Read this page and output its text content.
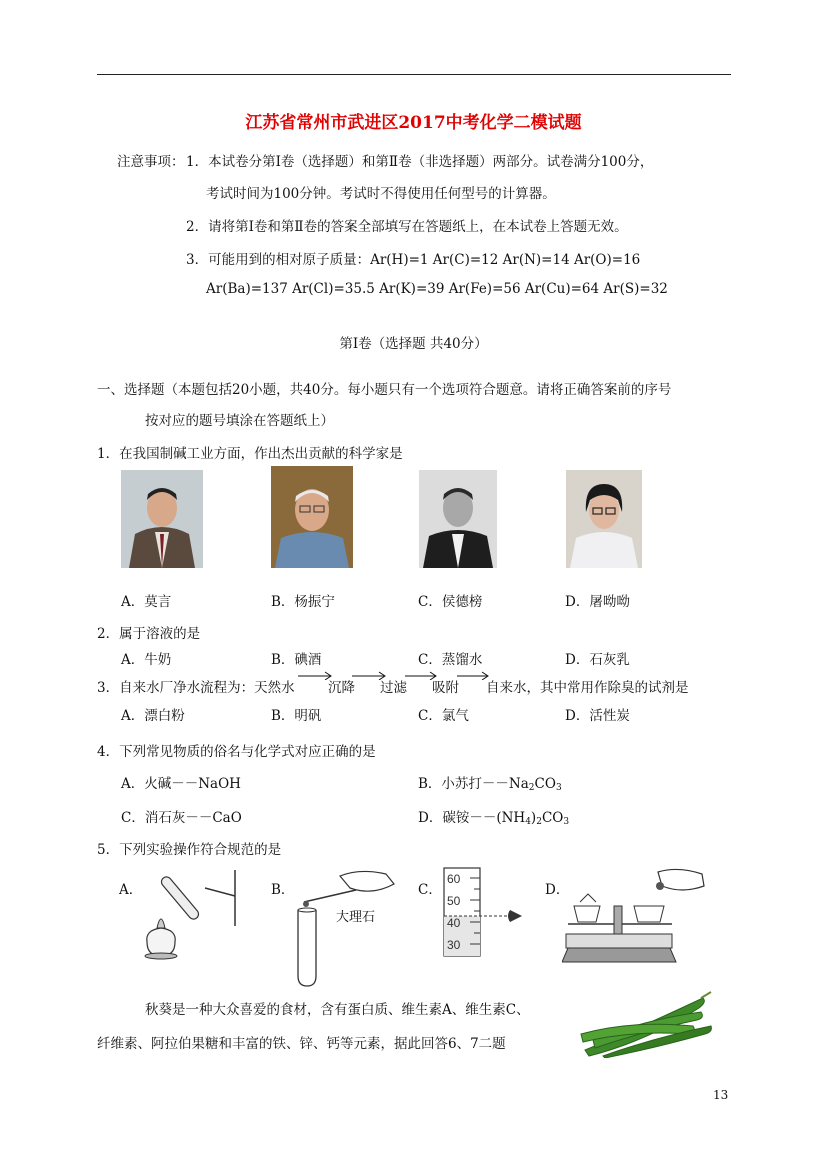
江苏省常州市武进区2017中考化学二模试题
注意事项： 1．本试卷分第Ⅰ卷（选择题）和第Ⅱ卷（非选择题）两部分。试卷满分100分，
考试时间为100分钟。考试时不得使用任何型号的计算器。
2．请将第Ⅰ卷和第Ⅱ卷的答案全部填写在答题纸上，在本试卷上答题无效。
3．可能用到的相对原子质量：Ar(H)=1 Ar(C)=12 Ar(N)=14 Ar(O)=16
Ar(Ba)=137 Ar(Cl)=35.5 Ar(K)=39 Ar(Fe)=56 Ar(Cu)=64 Ar(S)=32
第Ⅰ卷（选择题 共40分）
一、选择题（本题包括20小题，共40分。每小题只有一个选项符合题意。请将正确答案前的序号
按对应的题号填涂在答题纸上）
1．在我国制碱工业方面，作出杰出贡献的科学家是
A．莫言	B．杨振宁	C．侯德榜	D．屠呦呦
2．属于溶液的是
A．牛奶	B．碘酒	C．蒸馏水	D．石灰乳
3．自来水厂净水流程为：天然水 沉降 过滤 吸附 自来水，其中常用作除臭的试剂是
A．漂白粉	B．明矾	C．氯气	D．活性炭
4．下列常见物质的俗名与化学式对应正确的是
A．火碱－－NaOH	B．小苏打$--Na_2CO_3$
C．消石灰－－CaO	D．碳铵$--(NH_4)_2CO_3$
5．下列实验操作符合规范的是
A．	B．	C．	D．
大理石
60
50
40
30
秋葵是一种大众喜爱的食材，含有蛋白质、维生素A、维生素C、
纤维素、阿拉伯果糖和丰富的铁、锌、钙等元素，据此回答6、7二题
13
